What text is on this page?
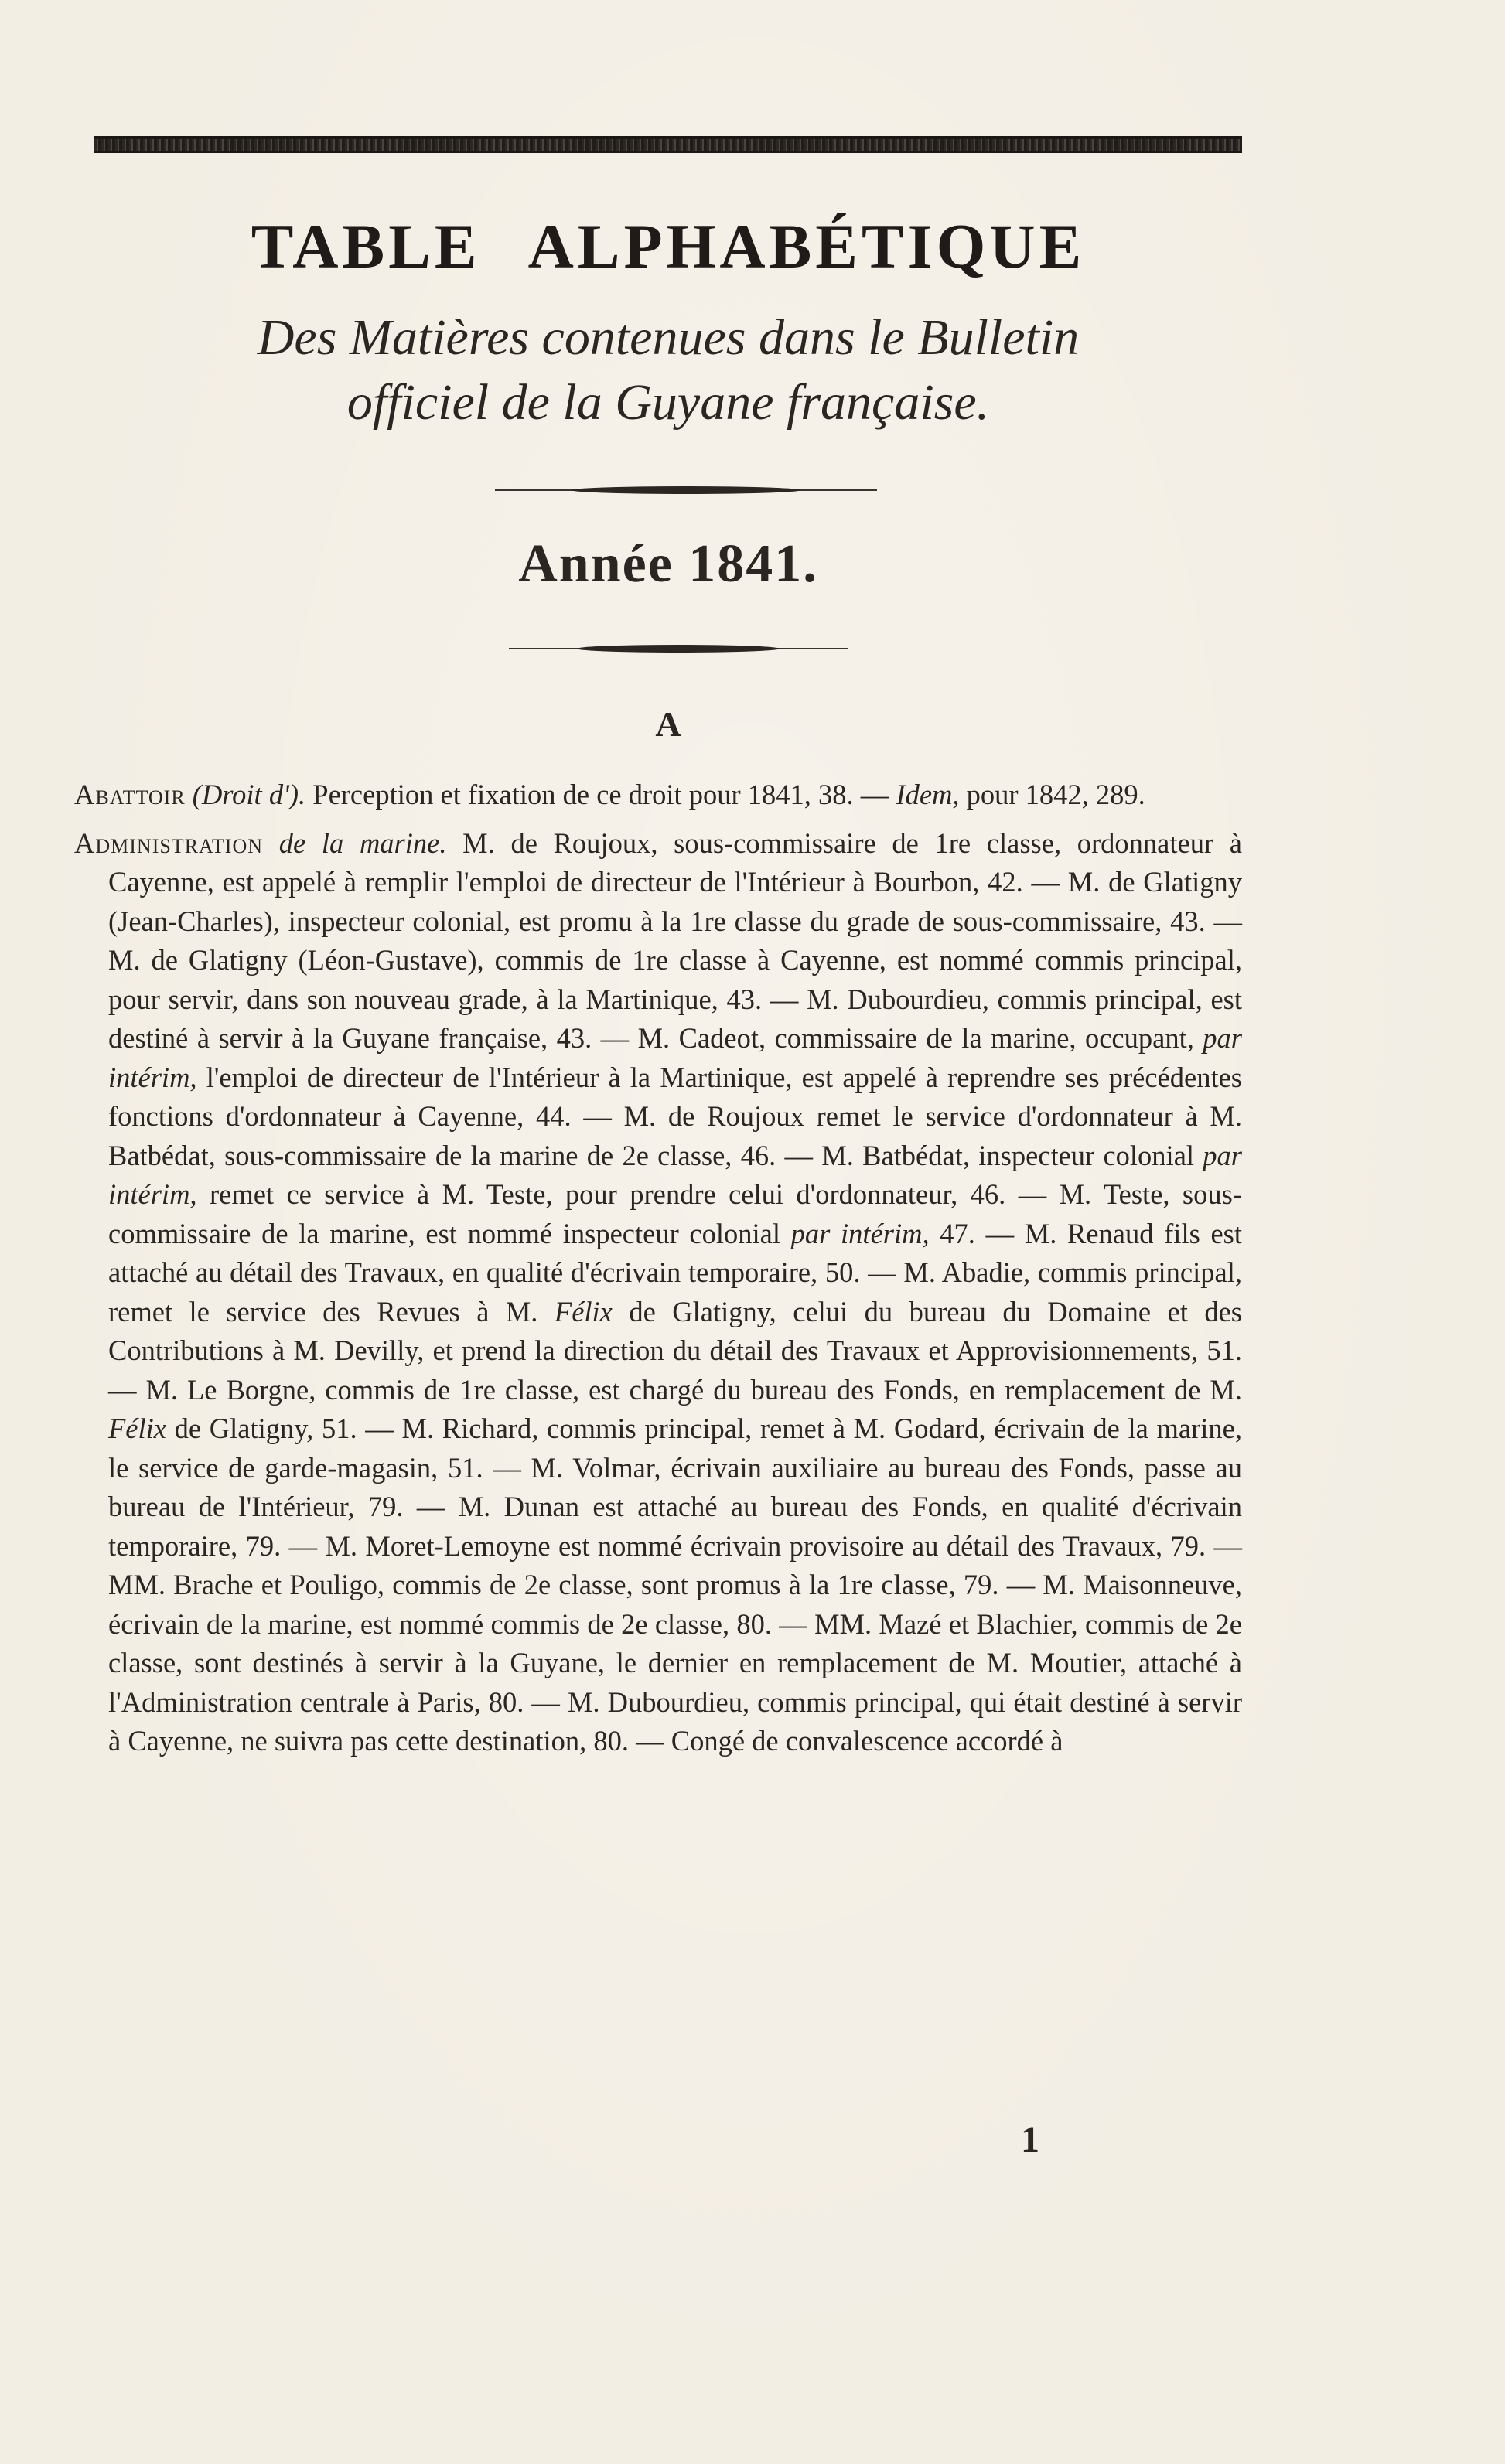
TABLE ALPHABÉTIQUE
Des Matières contenues dans le Bulletin
officiel de la Guyane française.
Année 1841.
A

Abattoir (Droit d'). Perception et fixation de ce droit pour 1841, 38. — Idem, pour 1842, 289.

Administration de la marine. M. de Roujoux, sous-commissaire de 1re classe, ordonnateur à Cayenne, est appelé à remplir l'emploi de directeur de l'Intérieur à Bourbon, 42. — M. de Glatigny (Jean-Charles), inspecteur colonial, est promu à la 1re classe du grade de sous-commissaire, 43. — M. de Glatigny (Léon-Gustave), commis de 1re classe à Cayenne, est nommé commis principal, pour servir, dans son nouveau grade, à la Martinique, 43. — M. Dubourdieu, commis principal, est destiné à servir à la Guyane française, 43. — M. Cadeot, commissaire de la marine, occupant, par intérim, l'emploi de directeur de l'Intérieur à la Martinique, est appelé à reprendre ses précédentes fonctions d'ordonnateur à Cayenne, 44. — M. de Roujoux remet le service d'ordonnateur à M. Batbédat, sous-commissaire de la marine de 2e classe, 46. — M. Batbédat, inspecteur colonial par intérim, remet ce service à M. Teste, pour prendre celui d'ordonnateur, 46. — M. Teste, sous-commissaire de la marine, est nommé inspecteur colonial par intérim, 47. — M. Renaud fils est attaché au détail des Travaux, en qualité d'écrivain temporaire, 50. — M. Abadie, commis principal, remet le service des Revues à M. Félix de Glatigny, celui du bureau du Domaine et des Contributions à M. Devilly, et prend la direction du détail des Travaux et Approvisionnements, 51. — M. Le Borgne, commis de 1re classe, est chargé du bureau des Fonds, en remplacement de M. Félix de Glatigny, 51. — M. Richard, commis principal, remet à M. Godard, écrivain de la marine, le service de garde-magasin, 51. — M. Volmar, écrivain auxiliaire au bureau des Fonds, passe au bureau de l'Intérieur, 79. — M. Dunan est attaché au bureau des Fonds, en qualité d'écrivain temporaire, 79. — M. Moret-Lemoyne est nommé écrivain provisoire au détail des Travaux, 79. — MM. Brache et Pouligo, commis de 2e classe, sont promus à la 1re classe, 79. — M. Maisonneuve, écrivain de la marine, est nommé commis de 2e classe, 80. — MM. Mazé et Blachier, commis de 2e classe, sont destinés à servir à la Guyane, le dernier en remplacement de M. Moutier, attaché à l'Administration centrale à Paris, 80. — M. Dubourdieu, commis principal, qui était destiné à servir à Cayenne, ne suivra pas cette destination, 80. — Congé de convalescence accordé à

1
